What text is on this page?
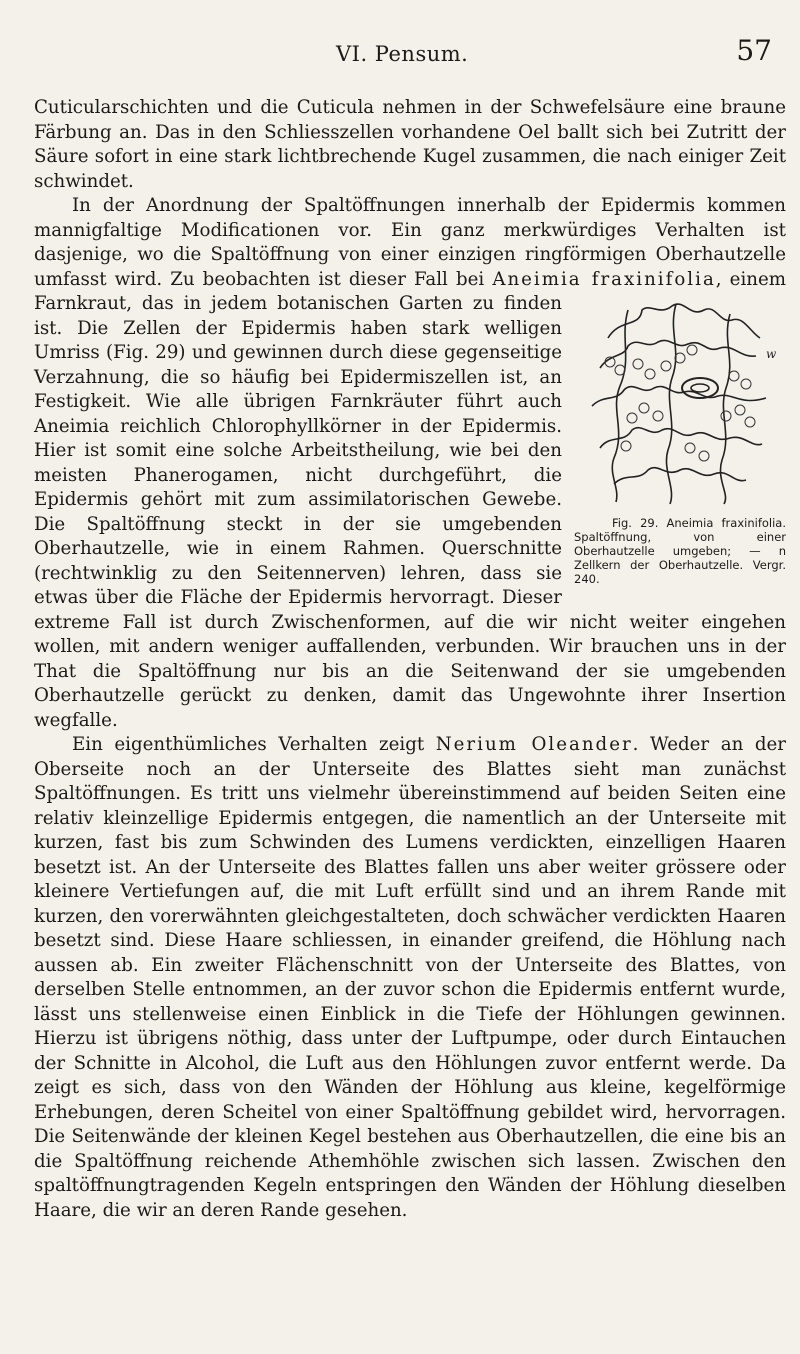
VI. Pensum.	57

Cuticularschichten und die Cuticula nehmen in der Schwefelsäure eine braune Färbung an. Das in den Schliesszellen vorhandene Oel ballt sich bei Zutritt der Säure sofort in eine stark lichtbrechende Kugel zusammen, die nach einiger Zeit schwindet.

In der Anordnung der Spaltöffnungen innerhalb der Epidermis kommen mannigfaltige Modificationen vor. Ein ganz merkwürdiges Verhalten ist dasjenige, wo die Spaltöffnung von einer einzigen ringförmigen Oberhautzelle umfasst wird. Zu beobachten ist dieser Fall bei Aneimia fraxinifolia
w
Fig. 29. Aneimia fraxinifolia. Spaltöffnung, von einer Oberhautzelle umgeben; — n Zellkern der Oberhautzelle. Vergr. 240.
, einem Farnkraut, das in jedem botanischen Garten zu finden ist. Die Zellen der Epidermis haben stark welligen Umriss (Fig. 29) und gewinnen durch diese gegenseitige Verzahnung, die so häufig bei Epidermiszellen ist, an Festigkeit. Wie alle übrigen Farnkräuter führt auch Aneimia reichlich Chlorophyllkörner in der Epidermis. Hier ist somit eine solche Arbeitstheilung, wie bei den meisten Phanerogamen, nicht durchgeführt, die Epidermis gehört mit zum assimilatorischen Gewebe. Die Spaltöffnung steckt in der sie umgebenden Oberhautzelle, wie in einem Rahmen. Querschnitte (rechtwinklig zu den Seitennerven) lehren, dass sie etwas über die Fläche der Epidermis hervorragt. Dieser extreme Fall ist durch Zwischenformen, auf die wir nicht weiter eingehen wollen, mit andern weniger auffallenden, verbunden. Wir brauchen uns in der That die Spaltöffnung nur bis an die Seitenwand der sie umgebenden Oberhautzelle gerückt zu denken, damit das Ungewohnte ihrer Insertion wegfalle.

Ein eigenthümliches Verhalten zeigt Nerium Oleander. Weder an der Oberseite noch an der Unterseite des Blattes sieht man zunächst Spaltöffnungen. Es tritt uns vielmehr übereinstimmend auf beiden Seiten eine relativ kleinzellige Epidermis entgegen, die namentlich an der Unterseite mit kurzen, fast bis zum Schwinden des Lumens verdickten, einzelligen Haaren besetzt ist. An der Unterseite des Blattes fallen uns aber weiter grössere oder kleinere Vertiefungen auf, die mit Luft erfüllt sind und an ihrem Rande mit kurzen, den vorerwähnten gleichgestalteten, doch schwächer verdickten Haaren besetzt sind. Diese Haare schliessen, in einander greifend, die Höhlung nach aussen ab. Ein zweiter Flächenschnitt von der Unterseite des Blattes, von derselben Stelle entnommen, an der zuvor schon die Epidermis entfernt wurde, lässt uns stellenweise einen Einblick in die Tiefe der Höhlungen gewinnen. Hierzu ist übrigens nöthig, dass unter der Luftpumpe, oder durch Eintauchen der Schnitte in Alcohol, die Luft aus den Höhlungen zuvor entfernt werde. Da zeigt es sich, dass von den Wänden der Höhlung aus kleine, kegelförmige Erhebungen, deren Scheitel von einer Spaltöffnung gebildet wird, hervorragen. Die Seitenwände der kleinen Kegel bestehen aus Oberhautzellen, die eine bis an die Spaltöffnung reichende Athemhöhle zwischen sich lassen. Zwischen den spaltöffnungtragenden Kegeln entspringen den Wänden der Höhlung dieselben Haare, die wir an deren Rande gesehen.
